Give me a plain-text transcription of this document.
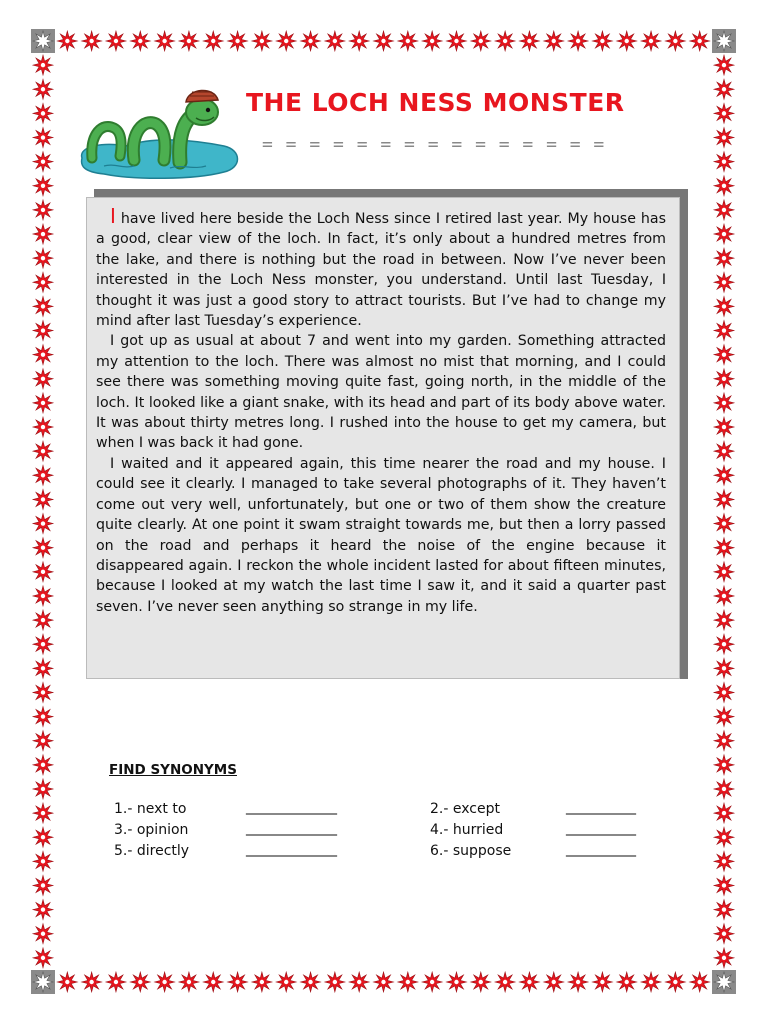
THE LOCH NESS MONSTER
= = = = = = = = = = = = = = =

I have lived here beside the Loch Ness since I retired last year. My house has a good, clear view of the loch. In fact, it’s only about a hundred metres from the lake, and there is nothing but the road in between. Now I’ve never been interested in the Loch Ness monster, you understand. Until last Tuesday, I thought it was just a good story to attract tourists. But I’ve had to change my mind after last Tuesday’s experience.

I got up as usual at about 7 and went into my garden. Something attracted my attention to the loch. There was almost no mist that morning, and I could see there was something moving quite fast, going north, in the middle of the loch. It looked like a giant snake, with its head and part of its body above water. It was about thirty metres long. I rushed into the house to get my camera, but when I was back it had gone.

I waited and it appeared again, this time nearer the road and my house. I could see it clearly. I managed to take several photographs of it. They haven’t come out very well, unfortunately, but one or two of them show the creature quite clearly. At one point it swam straight towards me, but then a lorry passed on the road and perhaps it heard the noise of the engine because it disappeared again. I reckon the whole incident lasted for about fifteen minutes, because I looked at my watch the last time I saw it, and it said a quarter past seven. I’ve never seen anything so strange in my life.

FIND SYNONYMS
1.- next to	_____________	2.- except	__________
3.- opinion	_____________	4.- hurried	__________
5.- directly	_____________	6.- suppose	__________
